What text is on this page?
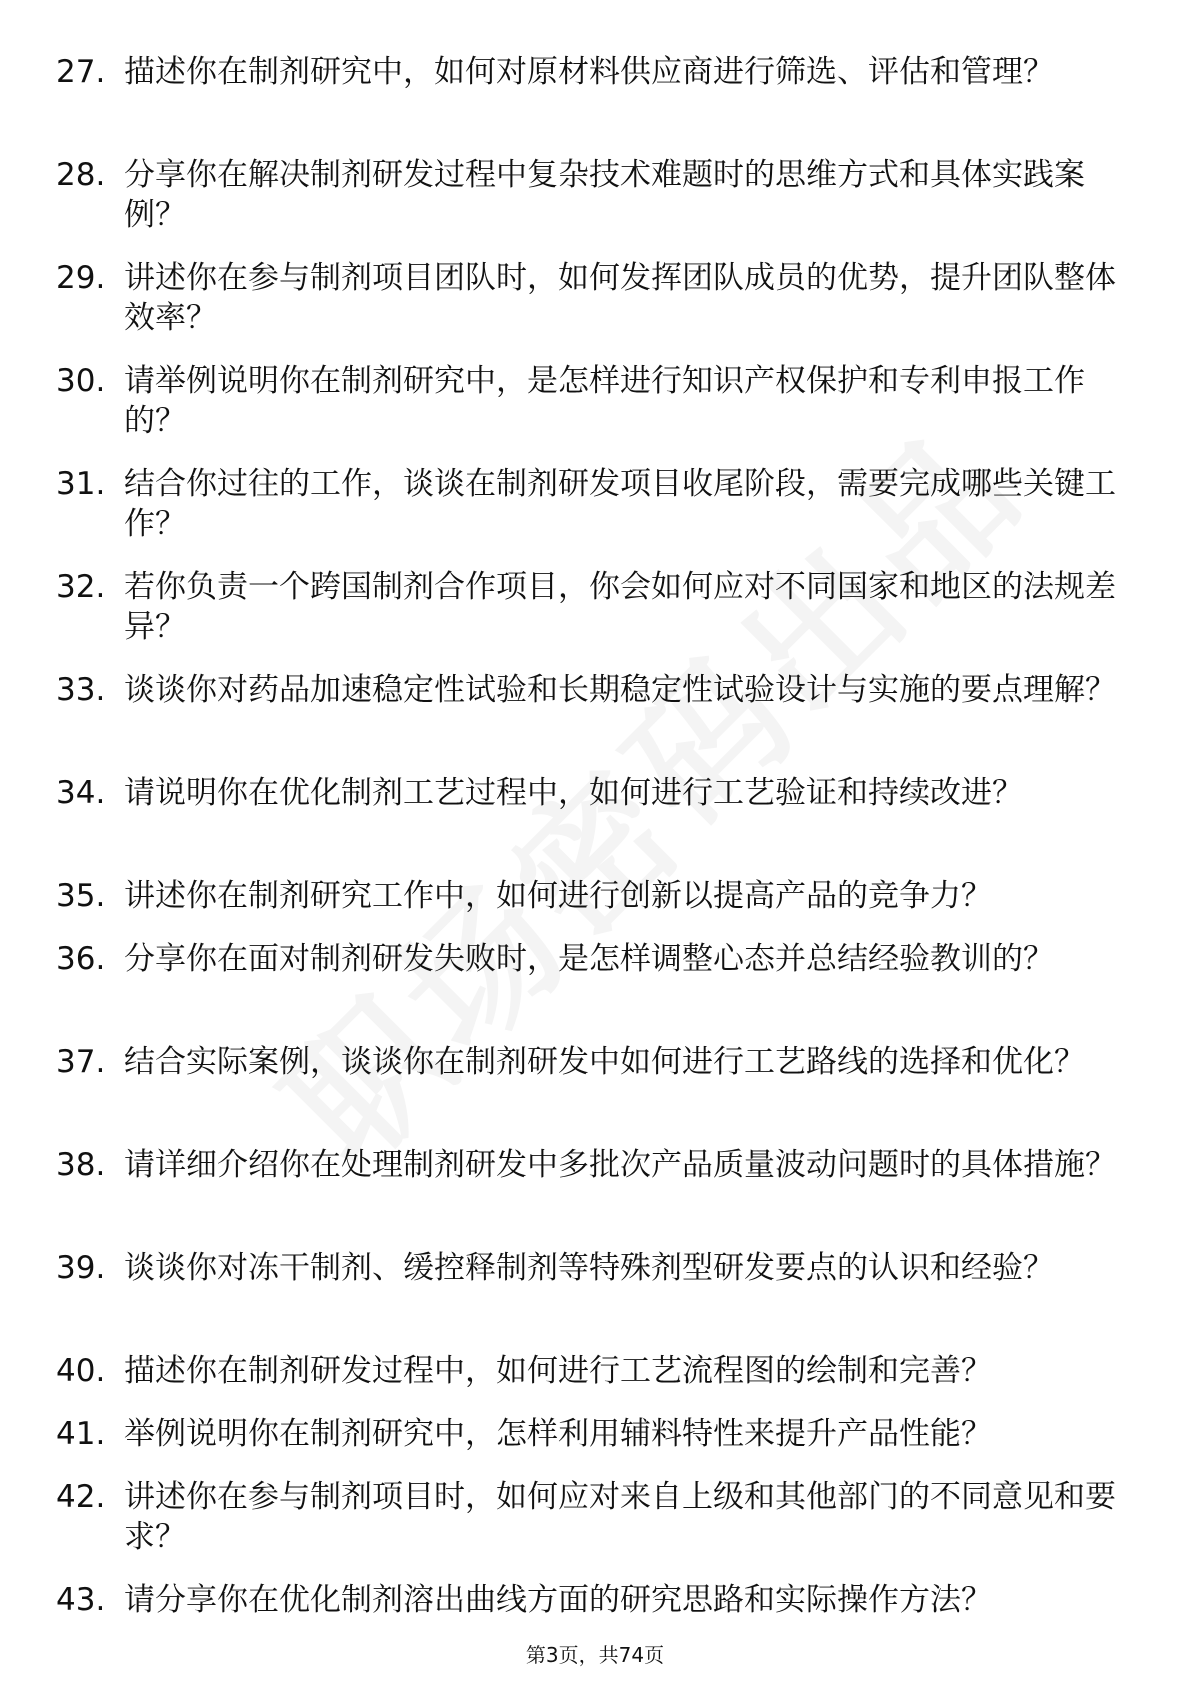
27. 描述你在制剂研究中，如何对原材料供应商进行筛选、评估和管理？
28. 分享你在解决制剂研发过程中复杂技术难题时的思维方式和具体实践案例？
29. 讲述你在参与制剂项目团队时，如何发挥团队成员的优势，提升团队整体效率？
30. 请举例说明你在制剂研究中，是怎样进行知识产权保护和专利申报工作的？
31. 结合你过往的工作，谈谈在制剂研发项目收尾阶段，需要完成哪些关键工作？
32. 若你负责一个跨国制剂合作项目，你会如何应对不同国家和地区的法规差异？
33. 谈谈你对药品加速稳定性试验和长期稳定性试验设计与实施的要点理解？
34. 请说明你在优化制剂工艺过程中，如何进行工艺验证和持续改进？
35. 讲述你在制剂研究工作中，如何进行创新以提高产品的竞争力？
36. 分享你在面对制剂研发失败时，是怎样调整心态并总结经验教训的？
37. 结合实际案例，谈谈你在制剂研发中如何进行工艺路线的选择和优化？
38. 请详细介绍你在处理制剂研发中多批次产品质量波动问题时的具体措施？
39. 谈谈你对冻干制剂、缓控释制剂等特殊剂型研发要点的认识和经验？
40. 描述你在制剂研发过程中，如何进行工艺流程图的绘制和完善？
41. 举例说明你在制剂研究中，怎样利用辅料特性来提升产品性能？
42. 讲述你在参与制剂项目时，如何应对来自上级和其他部门的不同意见和要求？
43. 请分享你在优化制剂溶出曲线方面的研究思路和实际操作方法？
第3页，共74页
